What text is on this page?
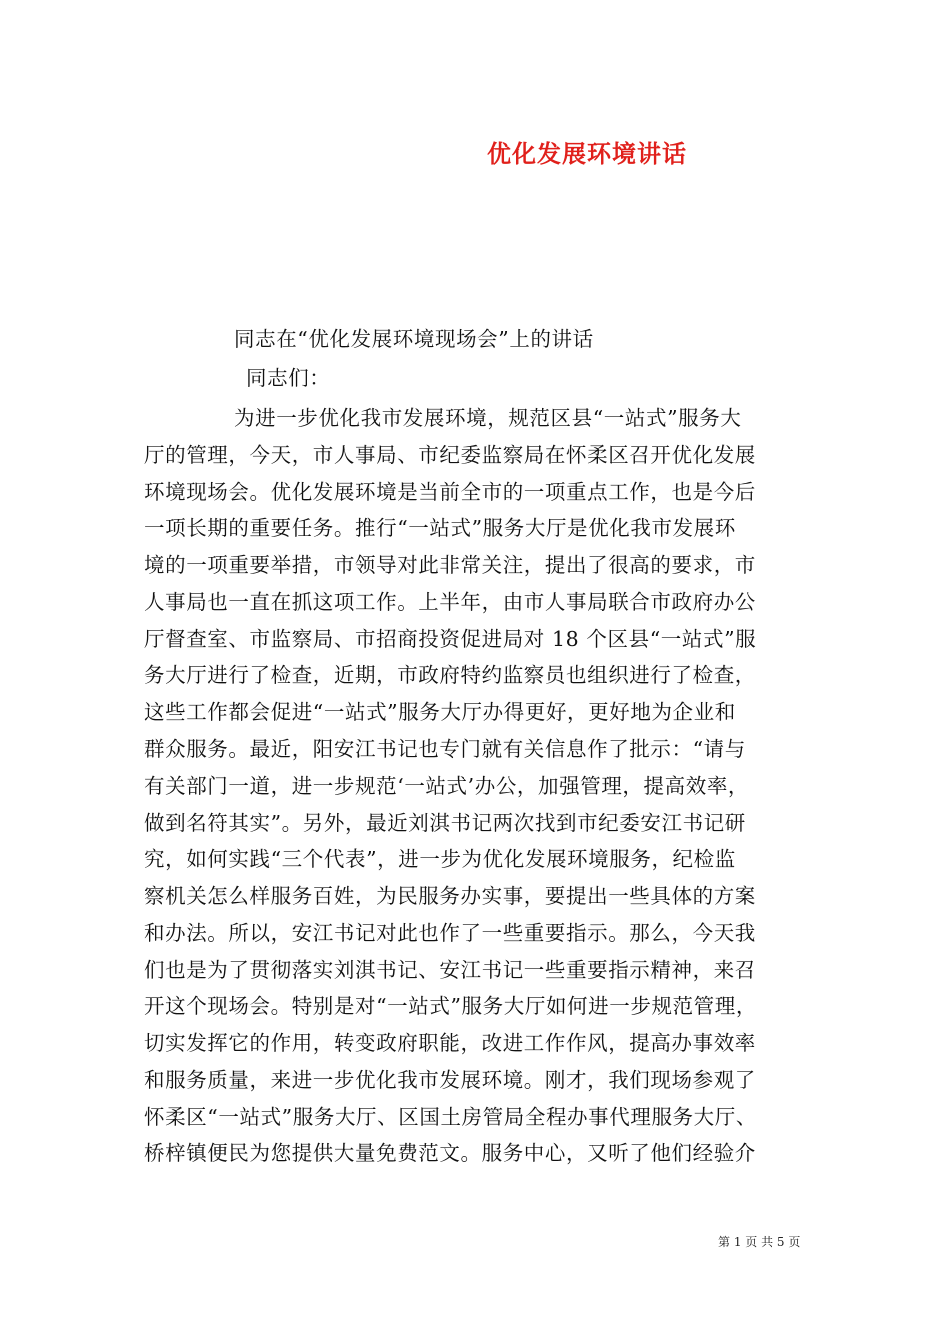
优化发展环境讲话
同志在“优化发展环境现场会”上的讲话
同志们：
为进一步优化我市发展环境，规范区县“一站式”服务大
厅的管理，今天，市人事局、市纪委监察局在怀柔区召开优化发展
环境现场会。优化发展环境是当前全市的一项重点工作，也是今后
一项长期的重要任务。推行“一站式”服务大厅是优化我市发展环
境的一项重要举措，市领导对此非常关注，提出了很高的要求，市
人事局也一直在抓这项工作。上半年，由市人事局联合市政府办公
厅督查室、市监察局、市招商投资促进局对 18 个区县“一站式”服
务大厅进行了检查，近期，市政府特约监察员也组织进行了检查，
这些工作都会促进“一站式”服务大厅办得更好，更好地为企业和
群众服务。最近，阳安江书记也专门就有关信息作了批示：“请与
有关部门一道，进一步规范‘一站式’办公，加强管理，提高效率，
做到名符其实”。另外，最近刘淇书记两次找到市纪委安江书记研
究，如何实践“三个代表”，进一步为优化发展环境服务，纪检监
察机关怎么样服务百姓，为民服务办实事，要提出一些具体的方案
和办法。所以，安江书记对此也作了一些重要指示。那么，今天我
们也是为了贯彻落实刘淇书记、安江书记一些重要指示精神，来召
开这个现场会。特别是对“一站式”服务大厅如何进一步规范管理，
切实发挥它的作用，转变政府职能，改进工作作风，提高办事效率
和服务质量，来进一步优化我市发展环境。刚才，我们现场参观了
怀柔区“一站式”服务大厅、区国土房管局全程办事代理服务大厅、
桥梓镇便民为您提供大量免费范文。服务中心，又听了他们经验介
第 1 页 共 5 页
